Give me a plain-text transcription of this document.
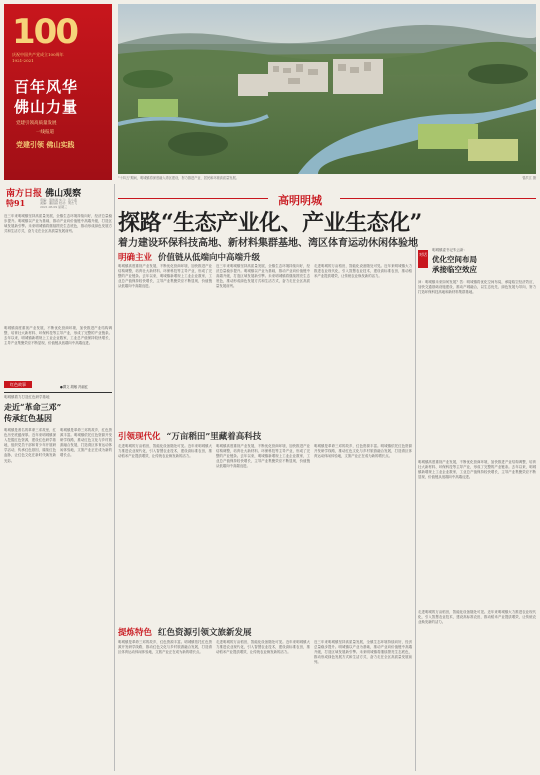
100
庆祝中国共产党成立100周年
1921-2021
百年风华
佛山力量
党建引领高质量发展
一线报道
党建引领 佛山实践
南方日报 佛山观察
特91	责编：蔡伟鸿 实习：张小燕
美编：潘昌超 校对：周志飞
2021.06.09 星期三
近三年来明城镇坚持高质量发展，全镇生态环境持续向好，经济总量稳步提升。明城镇以产业为基础，推动产业向价值链中高端升级，打造区域发展新引擎。未来明城镇将继续擦亮生态底色，推动形成绿色发展方式和生活方式，奋力走在全区高质量发展前列。
明城镇高度重视产业发展，不断优化营商环境，加快推进产业结构调整，培育壮大新材料、环保科技等主导产业，形成了完整的产业链条。去年以来，明城镇新增规上工业企业数家，工业总产值保持较快增长，主导产业集聚效应不断显现，价值链从低端向中高端迈进。
●撰文 胡敏 冯丽红
明城镇着力打造红色研学基地
走近“革命三邓”
传承红色基因
红色故事
明城镇是著名的革命三邓故里，红色历史底蕴深厚。近年来明城镇深入挖掘红色资源，建设红色研学基地，组织党员干部和青少年开展研学活动，传承红色基因，赓续红色血脉，让红色文化在新时代焕发新光彩。
明城镇是革命三邓的故乡，红色资源丰富。明城镇依托红色资源开发研学线路，推动红色文化与乡村旅游融合发展，打造湾区体育运动休闲体验地，文旅产业正在成为新的增长点。
"十四五"期间，明城镇将深度融入湾区建设，努力推进产业、居民和环境高质量发展。	曾洪江 摄
高明明城
探路“生态产业化、产业生态化”
着力建设环保科技高地、新材料集群基地、湾区体育运动休闲体验地
明确主业 价值链从低端向中高端升级
明城镇高度重视产业发展，不断优化营商环境，加快推进产业结构调整，培育壮大新材料、环保科技等主导产业，形成了完整的产业链条。去年以来，明城镇新增规上工业企业数家，工业总产值保持较快增长，主导产业集聚效应不断显现，价值链从低端向中高端迈进。
近三年来明城镇坚持高质量发展，全镇生态环境持续向好，经济总量稳步提升。明城镇以产业为基础，推动产业向价值链中高端升级，打造区域发展新引擎。未来明城镇将继续擦亮生态底色，推动形成绿色发展方式和生活方式，奋力走在全区高质量发展前列。
走进明城的万亩稻田，智能化设备随处可见。近年来明城镇大力推进农业现代化，引入智慧农业技术，建设高标准农田，推动稻米产业提质增效，让传统农业焕发新的活力。
引领现代化 “万亩稻田”里藏着高科技
走进明城的万亩稻田，智能化设备随处可见。近年来明城镇大力推进农业现代化，引入智慧农业技术，建设高标准农田，推动稻米产业提质增效，让传统农业焕发新的活力。
明城镇高度重视产业发展，不断优化营商环境，加快推进产业结构调整，培育壮大新材料、环保科技等主导产业，形成了完整的产业链条。去年以来，明城镇新增规上工业企业数家，工业总产值保持较快增长，主导产业集聚效应不断显现，价值链从低端向中高端迈进。
明城镇是革命三邓的故乡，红色资源丰富。明城镇依托红色资源开发研学线路，推动红色文化与乡村旅游融合发展，打造湾区体育运动休闲体验地，文旅产业正在成为新的增长点。
提炼特色 红色资源引领文旅新发展
明城镇是革命三邓的故乡，红色资源丰富。明城镇依托红色资源开发研学线路，推动红色文化与乡村旅游融合发展，打造湾区体育运动休闲体验地，文旅产业正在成为新的增长点。
走进明城的万亩稻田，智能化设备随处可见。近年来明城镇大力推进农业现代化，引入智慧农业技术，建设高标准农田，推动稻米产业提质增效，让传统农业焕发新的活力。
近三年来明城镇坚持高质量发展，全镇生态环境持续向好，经济总量稳步提升。明城镇以产业为基础，推动产业向价值链中高端升级，打造区域发展新引擎。未来明城镇将继续擦亮生态底色，推动形成绿色发展方式和生活方式，奋力走在全区高质量发展前列。
对话
明城镇委书记朱云新：
优化空间布局
承接临空效应
问：明城镇未来如何发展？答：明城镇将优化空间布局，承接临空经济效应，加快交通基础设施建设，推动产城融合，以生态优先、绿色发展为导向，努力打造环保科技高地和新材料集群基地。
明城镇高度重视产业发展，不断优化营商环境，加快推进产业结构调整，培育壮大新材料、环保科技等主导产业，形成了完整的产业链条。去年以来，明城镇新增规上工业企业数家，工业总产值保持较快增长，主导产业集聚效应不断显现，价值链从低端向中高端迈进。
走进明城的万亩稻田，智能化设备随处可见。近年来明城镇大力推进农业现代化，引入智慧农业技术，建设高标准农田，推动稻米产业提质增效，让传统农业焕发新的活力。
